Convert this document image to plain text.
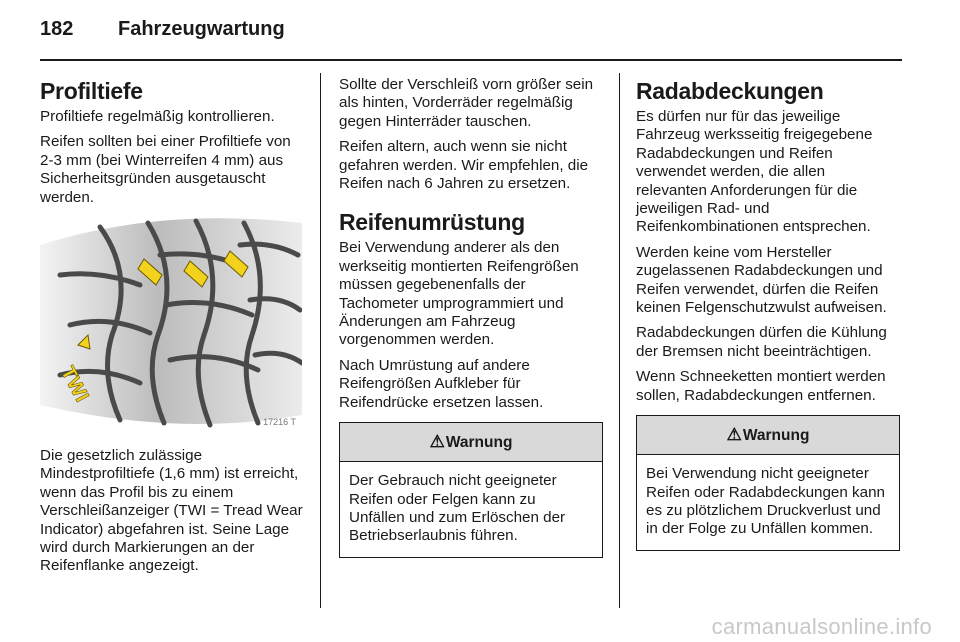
182 Fahrzeugwartung
Profiltiefe

Profiltiefe regelmäßig kontrollieren.

Reifen sollten bei einer Profiltiefe von 2-3 mm (bei Winterreifen 4 mm) aus Sicherheitsgründen ausgetauscht werden.

TWI
17216 T

Die gesetzlich zulässige Mindestprofiltiefe (1,6 mm) ist erreicht, wenn das Profil bis zu einem Verschleißanzeiger (TWI = Tread Wear Indicator) abgefahren ist. Seine Lage wird durch Markierungen an der Reifenflanke angezeigt.

Sollte der Verschleiß vorn größer sein als hinten, Vorderräder regelmäßig gegen Hinterräder tauschen.

Reifen altern, auch wenn sie nicht gefahren werden. Wir empfehlen, die Reifen nach 6 Jahren zu ersetzen.

Reifenumrüstung

Bei Verwendung anderer als den werkseitig montierten Reifengrößen müssen gegebenenfalls der Tachometer umprogrammiert und Änderungen am Fahrzeug vorgenommen werden.

Nach Umrüstung auf andere Reifengrößen Aufkleber für Reifendrücke ersetzen lassen.

⚠Warnung
Der Gebrauch nicht geeigneter Reifen oder Felgen kann zu Unfällen und zum Erlöschen der Betriebserlaubnis führen.
Radabdeckungen

Es dürfen nur für das jeweilige Fahrzeug werksseitig freigegebene Radabdeckungen und Reifen verwendet werden, die allen relevanten Anforderungen für die jeweiligen Rad- und Reifenkombinationen entsprechen.

Werden keine vom Hersteller zugelassenen Radabdeckungen und Reifen verwendet, dürfen die Reifen keinen Felgenschutzwulst aufweisen.

Radabdeckungen dürfen die Kühlung der Bremsen nicht beeinträchtigen.

Wenn Schneeketten montiert werden sollen, Radabdeckungen entfernen.

⚠Warnung
Bei Verwendung nicht geeigneter Reifen oder Radabdeckungen kann es zu plötzlichem Druckverlust und in der Folge zu Unfällen kommen.
carmanualsonline.info
